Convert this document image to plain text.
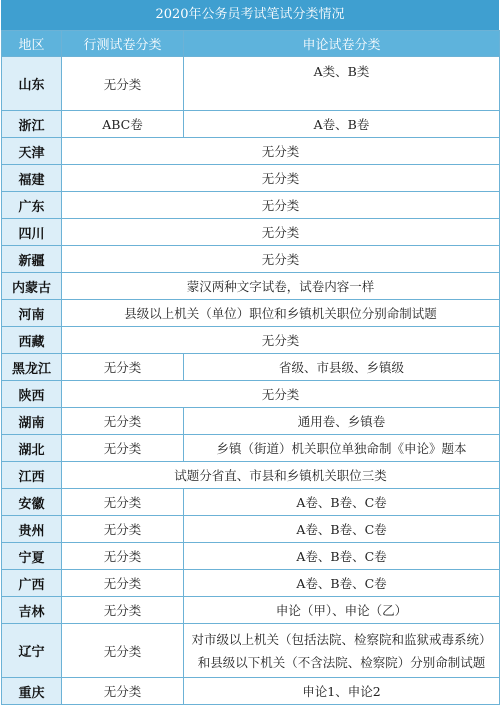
2020年公务员考试笔试分类情况
地区	行测试卷分类	申论试卷分类
山东	无分类	A类、B类
浙江	ABC卷	A卷、B卷
天津	无分类	
福建	无分类	
广东	无分类	
四川	无分类	
新疆	无分类	
内蒙古	蒙汉两种文字试卷，试卷内容一样	
河南	县级以上机关（单位）职位和乡镇机关职位分别命制试题	
西藏	无分类	
黑龙江	无分类	省级、市县级、乡镇级
陕西	无分类	
湖南	无分类	通用卷、乡镇卷
湖北	无分类	乡镇（街道）机关职位单独命制《申论》题本
江西	试题分省直、市县和乡镇机关职位三类	
安徽	无分类	A卷、B卷、C卷
贵州	无分类	A卷、B卷、C卷
宁夏	无分类	A卷、B卷、C卷
广西	无分类	A卷、B卷、C卷
吉林	无分类	申论（甲）、申论（乙）
辽宁	无分类	对市级以上机关（包括法院、检察院和监狱戒毒系统）
和县级以下机关（不含法院、检察院）分别命制试题

重庆	无分类	申论1、申论2
